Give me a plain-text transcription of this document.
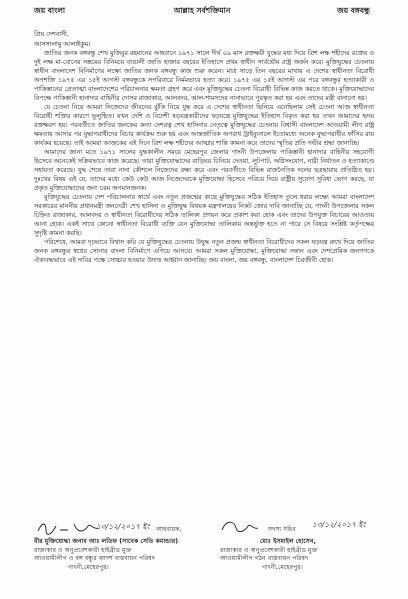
জয় বাংলা	আল্লাহ সর্বশক্তিমান	জয় বঙ্গবন্ধু

প্রিয় দেশবাসী,

আসসালামু আলাইকুম।

জাতির জনক বঙ্গবন্ধু শেখ মুজিবুর রহমানের আহবানে ১৯৭১ সালে দীর্ঘ ০৯ মাস রক্তক্ষয়ী যুদ্ধের মধ্য দিয়ে ত্রিশ লক্ষ শহীদের রক্তের ও দুই লক্ষ মা-বোনের সম্ভ্রমের বিনিময়ে বাঙালী জাতি হাজার বছরের ইতিহাসে প্রথম স্বাধীন সার্বভৌম রাষ্ট্র অর্জন করে। মুক্তিযুদ্ধের চেতনায় স্বাধীন বাংলাদেশ বিনির্মাণের লক্ষ্যে জাতির জনক বঙ্গবন্ধু কাজ শুরু করেন। মাত্র সাড়ে তিন বছরের মাথায় এ দেশের স্বাধীনতা বিরোধী অপশক্তি ১৯৭৫ এর ১৫ই আগস্ট বঙ্গবন্ধুকে সপরিবারে নির্মমভাবে হত্যা করে। ১৯৭৫ এর ১৫ই আগস্ট এর পরে বঙ্গবন্ধুর হত্যাকারী ও পাকিস্তানের প্রেতাত্মা বাংলাদেশের পরিচালনার ক্ষমতা গ্রহণ করে এবং মুক্তিযুদ্ধের চেতনা বিরোধী বিভিন্ন কাজ করতে থাকে। মুক্তিযোদ্ধাদের বিপক্ষে পাকিস্তানী হানাদার বাহিনীর দোসর রাজাকার, আলবদর, আল-শামসদের নানাভাবে পুরস্কৃত করা হয় এবং তাদের মন্ত্রী বানানো হয়।

যে চেতনা নিয়ে আমরা নিজেদের জীবনের ঝুঁকি নিয়ে যুদ্ধ করে এ দেশের স্বাধীনতা ছিনিয়ে এনেছিলাম সেই চেতনা আজ স্বাধীনতা বিরোধী শক্তির কারণে ভূলুণ্ঠিত। যখন দেশি ও বিদেশী ষড়যন্ত্রকারীদের ষড়যন্ত্রে মুক্তিযুদ্ধের ইতিহাস বিকৃত করা হয় তখন আমাদের হৃদয় রক্তক্ষরণ হয়। পরবর্তীতে জাতির জনকের কন্যা দেশরত্ন শেখ হাসিনার নেতৃত্বে মুক্তিযুদ্ধের চেতনায় বিশ্বাসী বাংলাদেশ আওয়ামী লীগ রাষ্ট্র ক্ষমতায় আসার পর যুদ্ধাপরাধীদের বিচার কার্যক্রম শুরু হয় এবং আন্তর্জাতিক অপরাধ ট্রাইব্যুনালে ইতোমধ্যে অনেক যুদ্ধাপরাধীর ফাঁসির রায় কার্যকর হয়েছে। তাই আমরা আজকের এই দিনে ত্রিশ লক্ষ শহীদের আত্মার শান্তি কামনা করে তাদের স্মৃতির প্রতি গভীর শ্রদ্ধা জানাচ্ছি।

আমাদের জানা মতে ১৯৭১ সালের যুদ্ধকালীন সময়ে মেহেরপুর জেলার গাংনী উপজেলায় পাকিস্তানী হানাদার বাহিনীর সহযোগী হিসেবে অনেকেই সক্রিয়ভাবে কাজ করেছে। তারা মুক্তিযোদ্ধাদের বাড়িঘর চিনিয়ে দেওয়া, লুটপাট, অগ্নিসংযোগ, নারী নির্যাতন ও হত্যাকাণ্ডে সহায়তা করেছে। যুদ্ধ শেষে তারা নানা কৌশলে নিজেদের রক্ষা করে এবং পরবর্তীতে বিভিন্ন রাজনৈতিক দলের ছত্রছায়ায় প্রতিষ্ঠিত হয়। দুঃখের বিষয় এই যে, তাদের মধ্যে কেউ কেউ আজ নিজেদেরকে মুক্তিযোদ্ধা হিসেবে পরিচয় দিয়ে রাষ্ট্রীয় সুযোগ সুবিধা ভোগ করছে, যা প্রকৃত মুক্তিযোদ্ধাদের জন্য চরম অপমানজনক।

মুক্তিযুদ্ধের চেতনায় দেশ পরিচালনার স্বার্থে এবং নতুন প্রজন্মের কাছে মুক্তিযুদ্ধের সঠিক ইতিহাস তুলে ধরার লক্ষ্যে আমরা বাংলাদেশ সরকারের মাননীয় প্রধানমন্ত্রী জননেত্রী শেখ হাসিনা ও মুক্তিযুদ্ধ বিষয়ক মন্ত্রণালয়ের নিকট জোর দাবি জানাচ্ছি যে, গাংনী উপজেলার সকল চিহ্নিত রাজাকার, আলবদর ও স্বাধীনতা বিরোধীদের সঠিক তালিকা প্রণয়ন করে প্রকাশ করা হোক এবং তাদের উপযুক্ত বিচারের আওতায় আনা হোক। একই সাথে কোনো স্বাধীনতা বিরোধী ব্যক্তি যেন মুক্তিযোদ্ধা তালিকায় অন্তর্ভুক্ত হতে না পারে সে বিষয়ে সংশ্লিষ্ট কর্তৃপক্ষের সুদৃষ্টি কামনা করছি।

পরিশেষে, আমরা দৃঢ়ভাবে বিশ্বাস করি যে মুক্তিযুদ্ধের চেতনায় উদ্বুদ্ধ নতুন প্রজন্ম স্বাধীনতা বিরোধীদের সকল ষড়যন্ত্র রুখে দিয়ে জাতির জনক বঙ্গবন্ধুর স্বপ্নের সোনার বাংলা বিনির্মাণে এগিয়ে আসবে। আমরা সকল মুক্তিযোদ্ধা, মুক্তিযোদ্ধা সন্তান এবং দেশপ্রেমিক জনগণকে ঐক্যবদ্ধভাবে এই দাবির পক্ষে সোচ্চার হওয়ার উদাত্ত আহ্বান জানাচ্ছি। জয় বাংলা, জয় বঙ্গবন্ধু, বাংলাদেশ চিরজীবী হোক।

১৩/১২/২০১৭ ইং আহবায়ক,
বীর মুক্তিযোদ্ধা জনাব আঃ লতিফ (সাবেক সেতি কমান্ডার)
রাজাকার ও অনুপ্রবেশকারী হাইব্রীড মুক্ত
আওয়ামীলীগ ও বঙ্গ বন্ধুর আদর্শ বাস্তবায়ন পরিষদ
গাংনী,মেহেরপুর।
সদস্য সচিব
১৩/১২/২০১৭ ইং
মোঃ ইসমাইল হোসেন,
রাজাকার ও অনুপ্রবেশকারী হাইব্রীড মুক্ত
আওয়ামীলীগ গঠন বাস্তবায়ন পরিষদ
গাংনী,মেহেরপুর।
